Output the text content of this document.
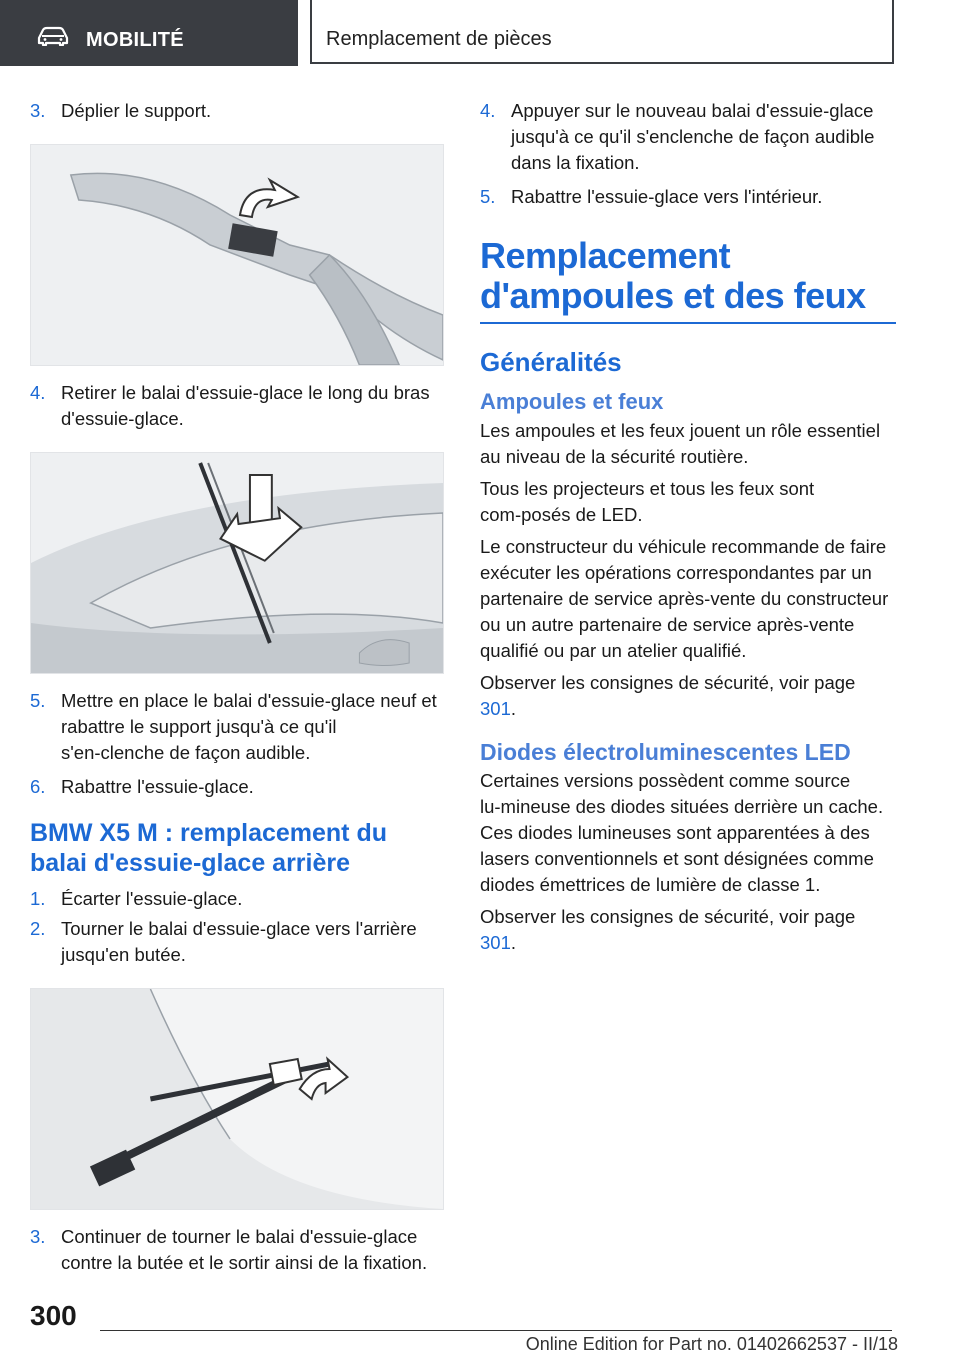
MOBILITÉ	Remplacement de pièces
3. Déplier le support.
4. Retirer le balai d'essuie‑glace le long du bras d'essuie‑glace.
5. Mettre en place le balai d'essuie‑glace neuf et rabattre le support jusqu'à ce qu'il s'en‑clenche de façon audible.
6. Rabattre l'essuie‑glace.
BMW X5 M : remplacement du balai d'essuie‑glace arrière
1. Écarter l'essuie‑glace.
2. Tourner le balai d'essuie‑glace vers l'arrière jusqu'en butée.
3. Continuer de tourner le balai d'essuie‑glace contre la butée et le sortir ainsi de la fixation.
4. Appuyer sur le nouveau balai d'essuie‑glace jusqu'à ce qu'il s'enclenche de façon audible dans la fixation.
5. Rabattre l'essuie‑glace vers l'intérieur.
Remplacement d'ampoules et des feux
Généralités
Ampoules et feux
Les ampoules et les feux jouent un rôle essentiel au niveau de la sécurité routière.
Tous les projecteurs et tous les feux sont com‑posés de LED.
Le constructeur du véhicule recommande de faire exécuter les opérations correspondantes par un partenaire de service après‑vente du constructeur ou un autre partenaire de service après‑vente qualifié ou par un atelier qualifié.
Observer les consignes de sécurité, voir page 301.
Diodes électroluminescentes LED
Certaines versions possèdent comme source lu‑mineuse des diodes situées derrière un cache. Ces diodes lumineuses sont apparentées à des lasers conventionnels et sont désignées comme diodes émettrices de lumière de classe 1.
Observer les consignes de sécurité, voir page 301.
300
Online Edition for Part no. 01402662537 - II/18
